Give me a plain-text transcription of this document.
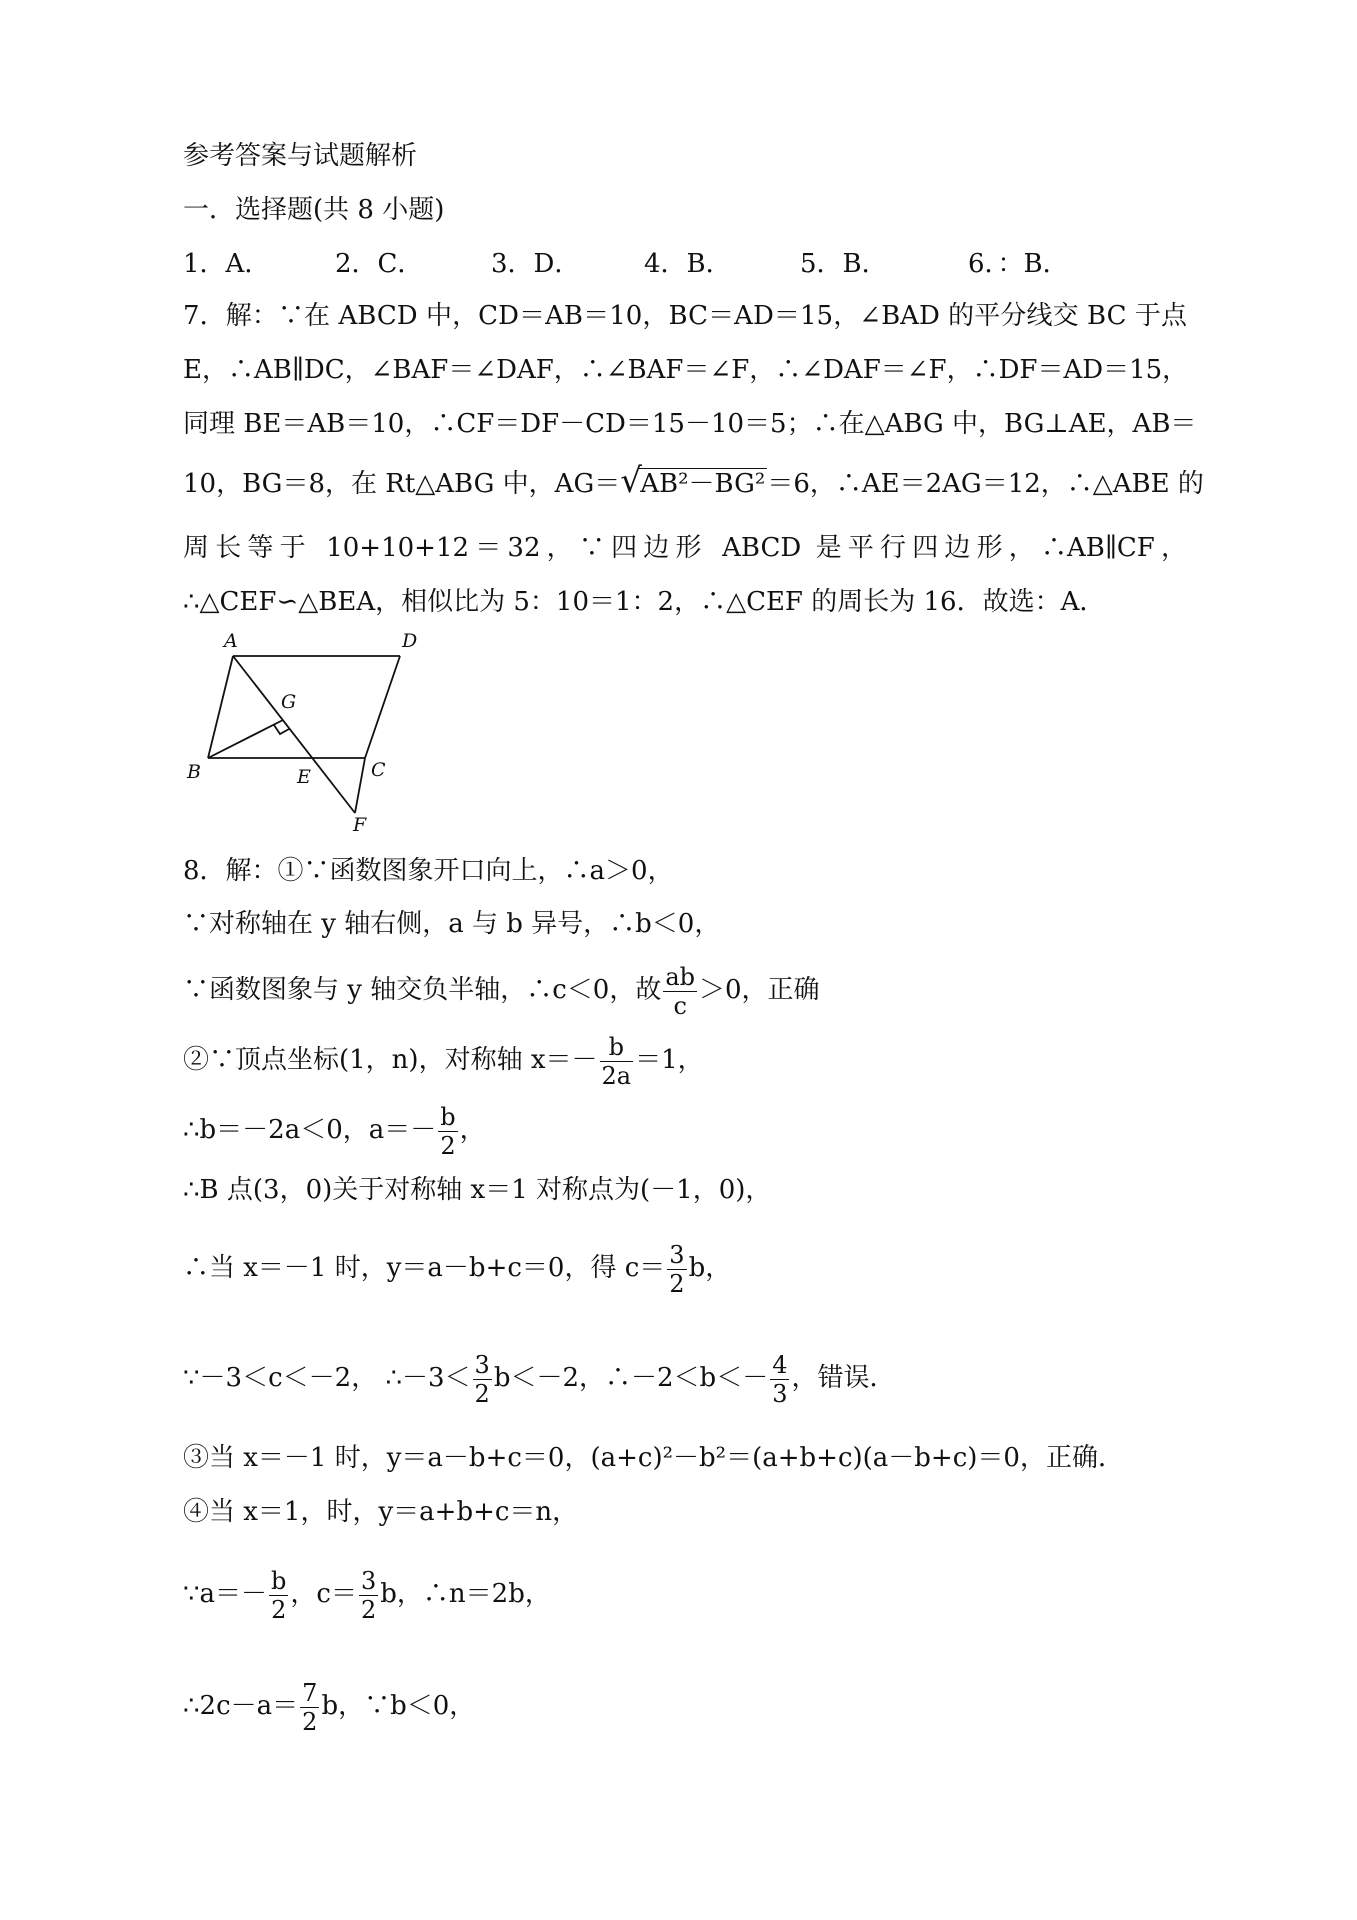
参考答案与试题解析
一．选择题(共 8 小题)
1．A． 2．C．	3．D． 4．B．	5．B．	6．：B．
7．解：∵在 ABCD 中，CD＝AB＝10，BC＝AD＝15，∠BAD 的平分线交 BC 于点
E，∴AB∥DC，∠BAF＝∠DAF，∴∠BAF＝∠F，∴∠DAF＝∠F，∴DF＝AD＝15，
同理 BE＝AB＝10，∴CF＝DF－CD＝15－10＝5；∴在△ABG 中，BG⊥AE，AB＝
10，BG＝8，在 Rt△ABG 中，AG＝ √
AB²－BG²＝6，∴AE＝2AG＝12，∴△ABE 的
周长等于 10+10+12＝32，∵四边形 ABCD 是平行四边形，∴AB∥CF，
∴△CEF∽△BEA，相似比为 5：10＝1：2，∴△CEF 的周长为 16．故选：A．
A	D
G
B	E	C
F
8．解：①∵函数图象开口向上，∴a＞0，
∵对称轴在 y 轴右侧，a 与 b 异号，∴b＜0，
∵函数图象与 y 轴交负半轴，∴c＜0，故 $\frac{ab}{c} >0$，正确
②∵顶点坐标(1，n)，对称轴 $x=- \frac{b}{2a} =1$，
∴b＝－2a＜0，$a=- \frac{b}{2}$ ，
∴B 点(3，0)关于对称轴 x＝1 对称点为(－1，0)，
∴当 x＝－1 时，y＝a－b+c＝0，得 $c= \frac{3}{2}$ b，
∵－3＜c＜－2， ∴－3＜ $\frac{3}{2} b<-2$，∴－2＜b＜－ $\frac{4}{3}$ ，错误．
③当 x＝－1 时，y＝a－b+c＝0，(a+c)²－b²＝(a+b+c)(a－b+c)＝0，正确．
④当 x＝1，时，y＝a+b+c＝n，
∵a＝－ $\frac{b}{2}$ ，$c= \frac{3}{2}$ b，∴n＝2b，
∴2c－a＝ $\frac{7}{2}$ b，∵b＜0，
